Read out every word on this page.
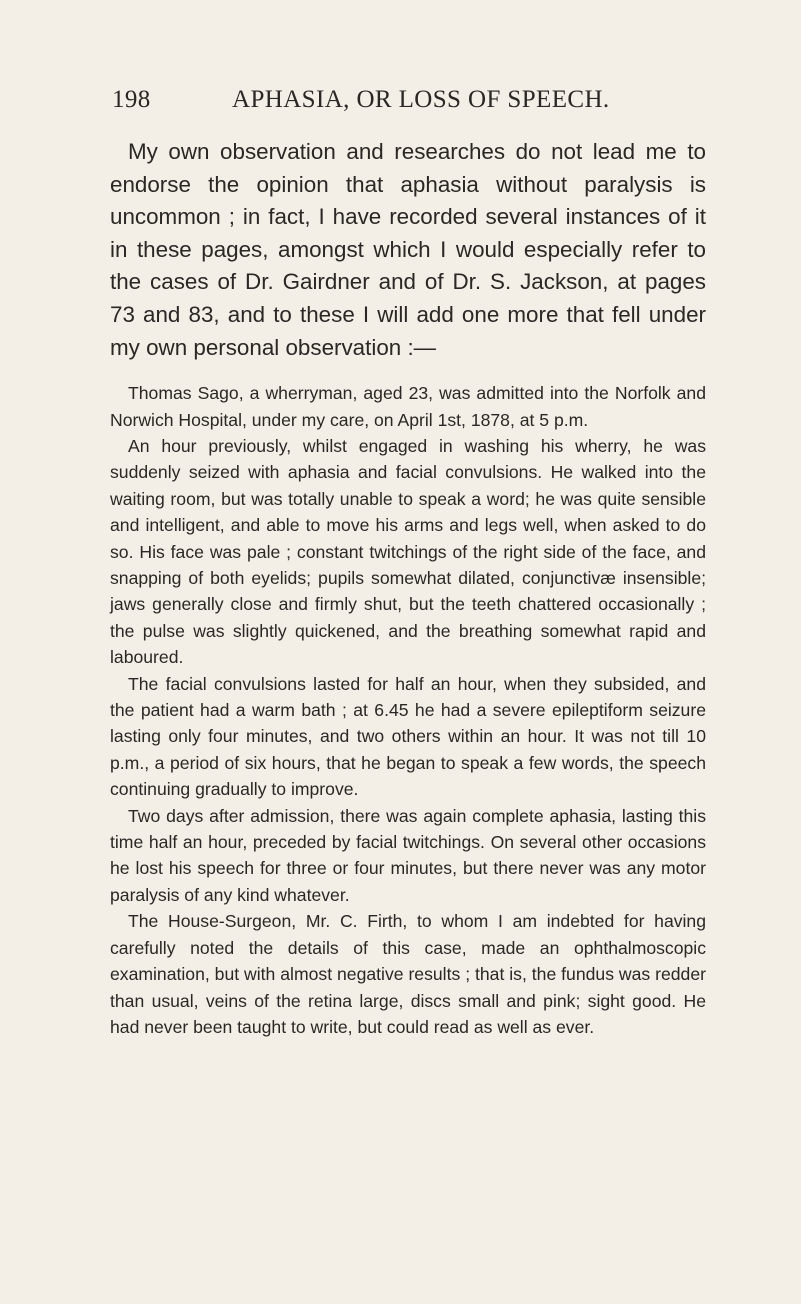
198	APHASIA, OR LOSS OF SPEECH.

My own observation and researches do not lead me to endorse the opinion that aphasia without paralysis is uncommon ; in fact, I have recorded several instances of it in these pages, amongst which I would especially refer to the cases of Dr. Gairdner and of Dr. S. Jackson, at pages 73 and 83, and to these I will add one more that fell under my own personal observation :—

Thomas Sago, a wherryman, aged 23, was admitted into the Norfolk and Norwich Hospital, under my care, on April 1st, 1878, at 5 p.m.

An hour previously, whilst engaged in washing his wherry, he was suddenly seized with aphasia and facial convulsions. He walked into the waiting room, but was totally unable to speak a word; he was quite sensible and intelligent, and able to move his arms and legs well, when asked to do so. His face was pale ; constant twitchings of the right side of the face, and snapping of both eyelids; pupils somewhat dilated, conjunctivæ insensible; jaws generally close and firmly shut, but the teeth chattered occasionally ; the pulse was slightly quickened, and the breathing somewhat rapid and laboured.

The facial convulsions lasted for half an hour, when they subsided, and the patient had a warm bath ; at 6.45 he had a severe epileptiform seizure lasting only four minutes, and two others within an hour. It was not till 10 p.m., a period of six hours, that he began to speak a few words, the speech continuing gradually to improve.

Two days after admission, there was again complete aphasia, lasting this time half an hour, preceded by facial twitchings. On several other occasions he lost his speech for three or four minutes, but there never was any motor paralysis of any kind whatever.

The House-Surgeon, Mr. C. Firth, to whom I am indebted for having carefully noted the details of this case, made an ophthalmoscopic examination, but with almost negative results ; that is, the fundus was redder than usual, veins of the retina large, discs small and pink; sight good. He had never been taught to write, but could read as well as ever.
